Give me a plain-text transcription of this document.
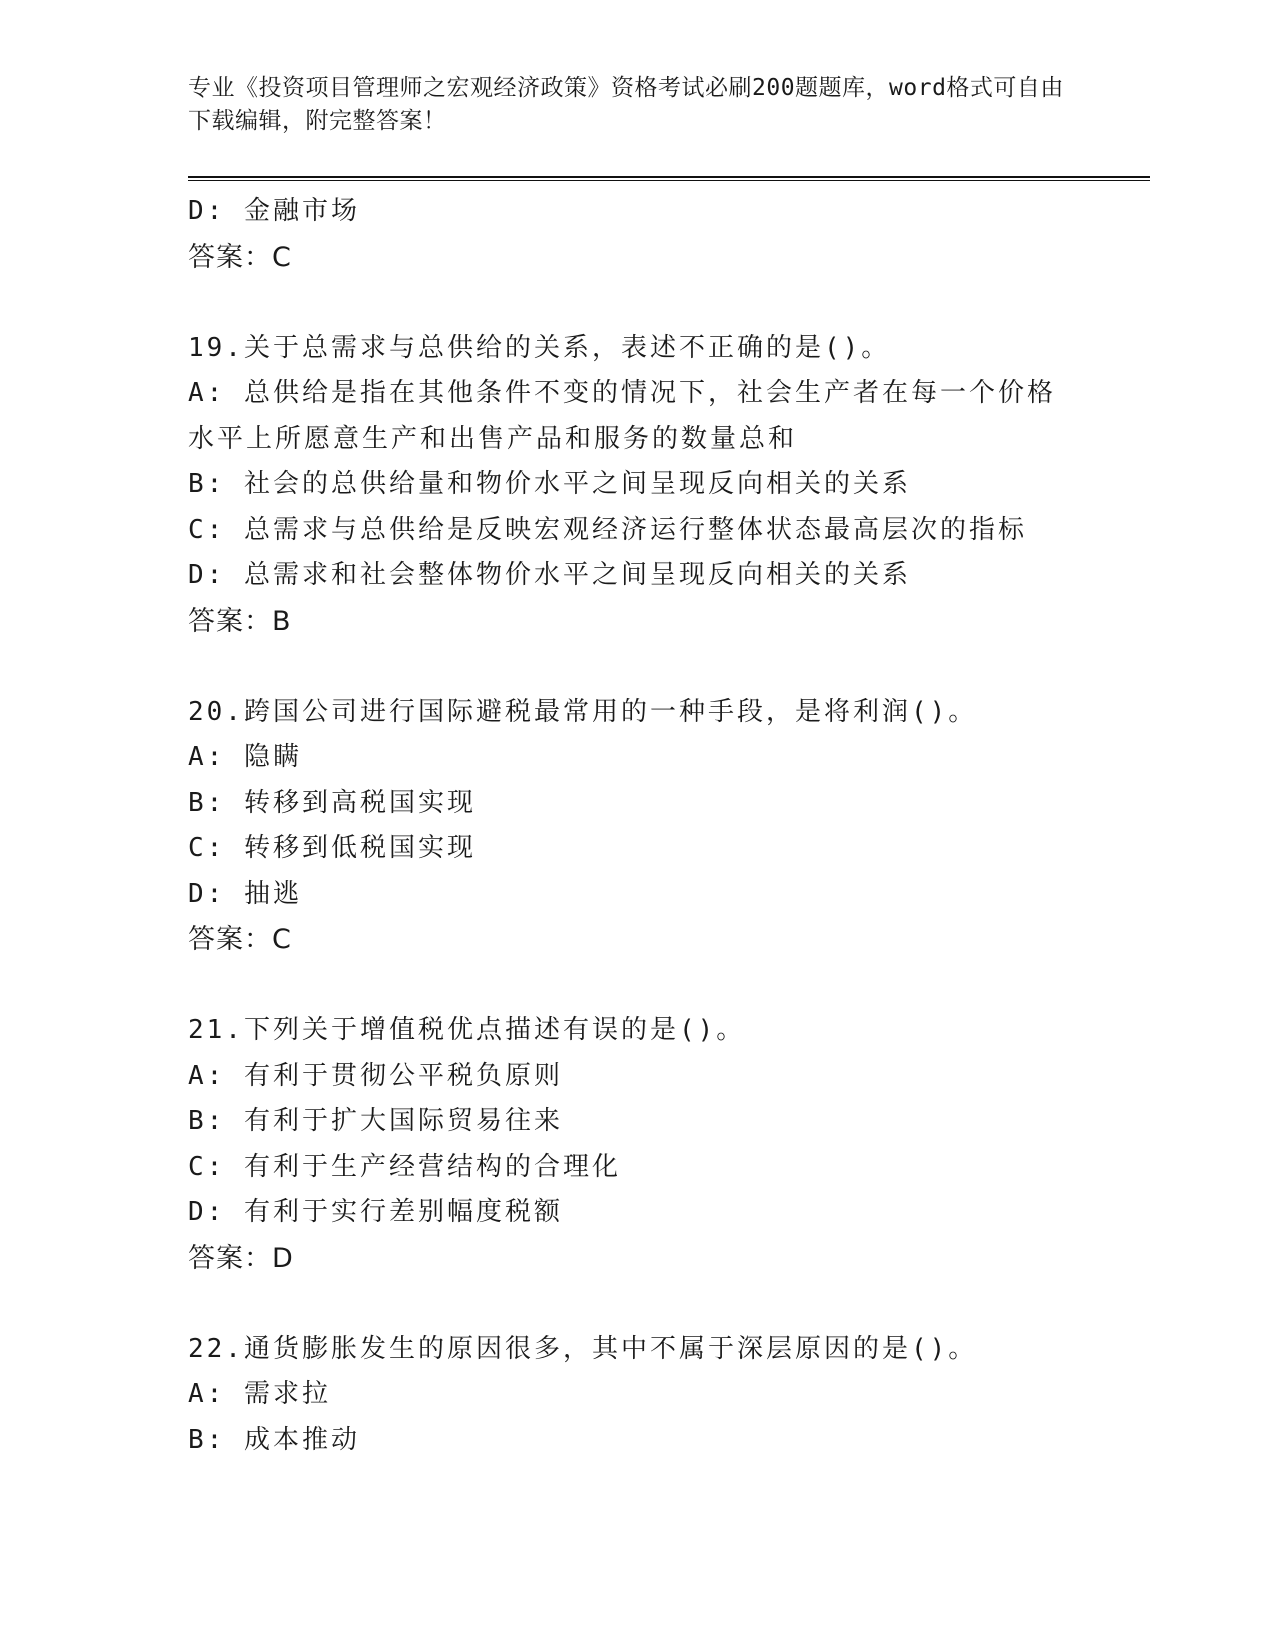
专业《投资项目管理师之宏观经济政策》资格考试必刷200题题库，word格式可自由下载编辑，附完整答案！
D: 金融市场
答案：C
19.关于总需求与总供给的关系，表述不正确的是()。
A: 总供给是指在其他条件不变的情况下，社会生产者在每一个价格水平上所愿意生产和出售产品和服务的数量总和
B: 社会的总供给量和物价水平之间呈现反向相关的关系
C: 总需求与总供给是反映宏观经济运行整体状态最高层次的指标
D: 总需求和社会整体物价水平之间呈现反向相关的关系
答案：B
20.跨国公司进行国际避税最常用的一种手段，是将利润()。
A: 隐瞒
B: 转移到高税国实现
C: 转移到低税国实现
D: 抽逃
答案：C
21.下列关于增值税优点描述有误的是()。
A: 有利于贯彻公平税负原则
B: 有利于扩大国际贸易往来
C: 有利于生产经营结构的合理化
D: 有利于实行差别幅度税额
答案：D
22.通货膨胀发生的原因很多，其中不属于深层原因的是()。
A: 需求拉
B: 成本推动
